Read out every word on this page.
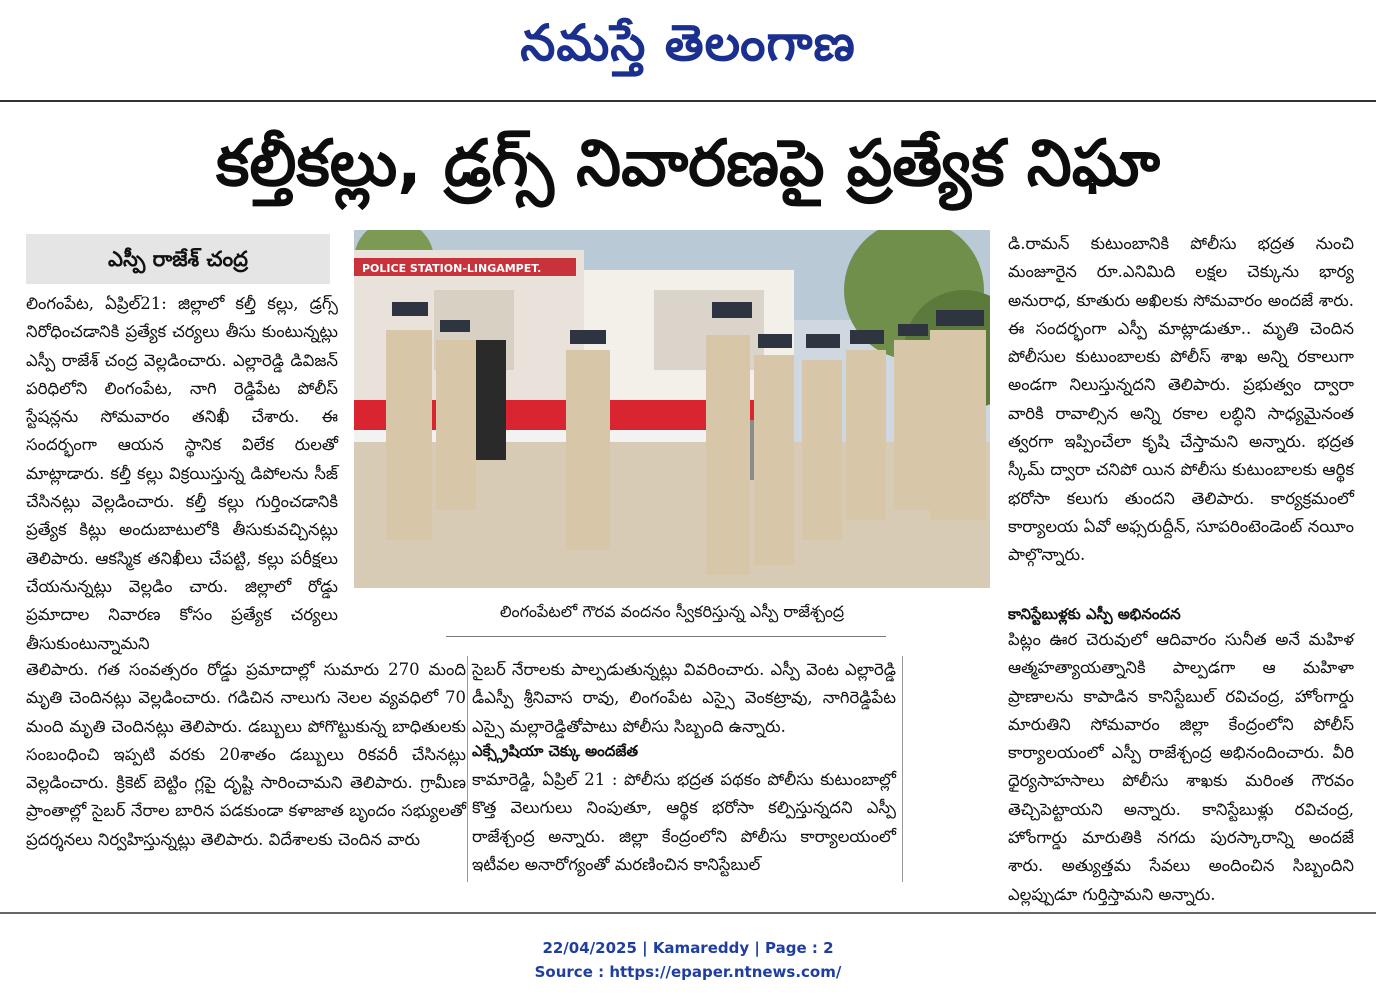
నమస్తే తెలంగాణ
కల్తీకల్లు, డ్రగ్స్ నివారణపై ప్రత్యేక నిఘా
ఎస్పీ రాజేశ్ చంద్ర

లింగంపేట, ఏప్రిల్21: జిల్లాలో కల్తీ కల్లు, డ్రగ్స్ నిరోధించడానికి ప్రత్యేక చర్యలు తీసు కుంటున్నట్లు ఎస్పీ రాజేశ్ చంద్ర వెల్లడించారు. ఎల్లారెడ్డి డివిజన్ పరిధిలోని లింగంపేట, నాగి రెడ్డిపేట పోలీస్ స్టేషన్లను సోమవారం తనిఖీ చేశారు. ఈ సందర్భంగా ఆయన స్థానిక విలేక రులతో మాట్లాడారు. కల్తీ కల్లు విక్రయిస్తున్న డిపోలను సీజ్ చేసినట్లు వెల్లడించారు. కల్తీ కల్లు గుర్తించడానికి ప్రత్యేక కిట్లు అందుబాటులోకి తీసుకువచ్చినట్లు తెలిపారు. ఆకస్మిక తనిఖీలు చేపట్టి, కల్లు పరీక్షలు చేయనున్నట్లు వెల్లడిం చారు. జిల్లాలో రోడ్డు ప్రమాదాల నివారణ కోసం ప్రత్యేక చర్యలు తీసుకుంటున్నామని

POLICE STATION-LINGAMPET.
లింగంపేటలో గౌరవ వందనం స్వీకరిస్తున్న ఎస్పీ రాజేశ్చంద్ర

తెలిపారు. గత సంవత్సరం రోడ్డు ప్రమాదాల్లో సుమారు 270 మంది మృతి చెందినట్లు వెల్లడించారు. గడిచిన నాలుగు నెలల వ్యవధిలో 70 మంది మృతి చెందినట్లు తెలిపారు. డబ్బులు పోగొట్టుకున్న బాధితులకు సంబంధించి ఇప్పటి వరకు 20శాతం డబ్బులు రికవరీ చేసినట్లు వెల్లడించారు. క్రికెట్ బెట్టిం గ్లపై దృష్టి సారించామని తెలిపారు. గ్రామీణ ప్రాంతాల్లో సైబర్ నేరాల బారిన పడకుండా కళాజాత బృందం సభ్యులతో ప్రదర్శనలు నిర్వహిస్తున్నట్లు తెలిపారు. విదేశాలకు చెందిన వారు

సైబర్ నేరాలకు పాల్పడుతున్నట్లు వివరించారు. ఎస్పీ వెంట ఎల్లారెడ్డి డీఎస్పీ శ్రీనివాస రావు, లింగంపేట ఎస్సై వెంకట్రావు, నాగిరెడ్డిపేట ఎస్సై మల్లారెడ్డితోపాటు పోలీసు సిబ్బంది ఉన్నారు.

ఎక్స్గ్రేషియా చెక్కు అందజేత

కామారెడ్డి, ఏప్రిల్ 21 : పోలీసు భద్రత పథకం పోలీసు కుటుంబాల్లో కొత్త వెలుగులు నింపుతూ, ఆర్థిక భరోసా కల్పిస్తున్నదని ఎస్పీ రాజేశ్చంద్ర అన్నారు. జిల్లా కేంద్రంలోని పోలీసు కార్యాలయంలో ఇటీవల అనారోగ్యంతో మరణించిన కానిస్టేబుల్

డి.రామన్ కుటుంబానికి పోలీసు భద్రత నుంచి మంజూరైన రూ.ఎనిమిది లక్షల చెక్కును భార్య అనురాధ, కూతురు అఖిలకు సోమవారం అందజే శారు. ఈ సందర్భంగా ఎస్పీ మాట్లాడుతూ.. మృతి చెందిన పోలీసుల కుటుంబాలకు పోలీస్ శాఖ అన్ని రకాలుగా అండగా నిలుస్తున్నదని తెలిపారు. ప్రభుత్వం ద్వారా వారికి రావాల్సిన అన్ని రకాల లబ్ధిని సాధ్యమైనంత త్వరగా ఇప్పించేలా కృషి చేస్తామని అన్నారు. భద్రత స్కీమ్ ద్వారా చనిపో యిన పోలీసు కుటుంబాలకు ఆర్థిక భరోసా కలుగు తుందని తెలిపారు. కార్యక్రమంలో కార్యాలయ ఏవో అఫ్సరుద్దీన్, సూపరింటెండెంట్ నయీం పాల్గొన్నారు.

కానిస్టేబుళ్లకు ఎస్పీ అభినందన

పిట్లం ఊర చెరువులో ఆదివారం సునీత అనే మహిళ ఆత్మహత్యాయత్నానికి పాల్పడగా ఆ మహిళా ప్రాణాలను కాపాడిన కానిస్టేబుల్ రవిచంద్ర, హోంగార్డు మారుతిని సోమవారం జిల్లా కేంద్రంలోని పోలీస్ కార్యాలయంలో ఎస్పీ రాజేశ్చంద్ర అభినందించారు. వీరి ధైర్యసాహసాలు పోలీసు శాఖకు మరింత గౌరవం తెచ్చిపెట్టాయని అన్నారు. కానిస్టేబుళ్లు రవిచంద్ర, హోంగార్డు మారుతికి నగదు పురస్కారాన్ని అందజే శారు. అత్యుత్తమ సేవలు అందించిన సిబ్బందిని ఎల్లప్పుడూ గుర్తిస్తామని అన్నారు.

22/04/2025 | Kamareddy | Page : 2
Source : https://epaper.ntnews.com/
